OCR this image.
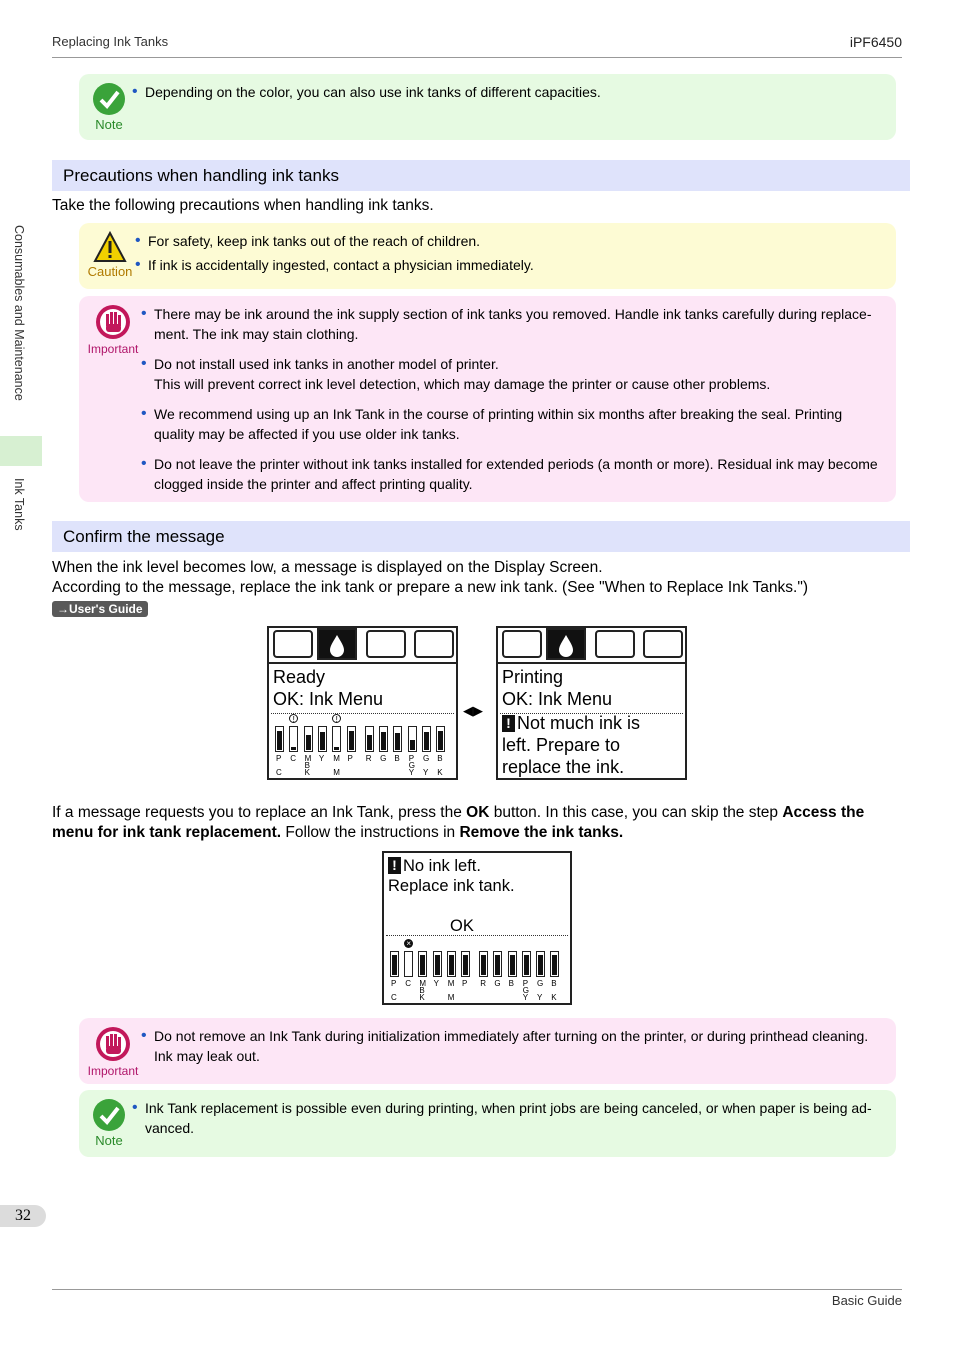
Replacing Ink Tanks	iPF6450
Basic Guide
Consumables and Maintenance
Ink Tanks
32
Note
• Depending on the color, you can also use ink tanks of different capacities.
Precautions when handling ink tanks
Take the following precautions when handling ink tanks.
Caution
• For safety, keep ink tanks out of the reach of children.
• If ink is accidentally ingested, contact a physician immediately.
Important
• There may be ink around the ink supply section of ink tanks you removed. Handle ink tanks carefully during replace-ment. The ink may stain clothing.
• Do not install used ink tanks in another model of printer.
This will prevent correct ink level detection, which may damage the printer or cause other problems.
• We recommend using up an Ink Tank in the course of printing within six months after breaking the seal. Printing quality may be affected if you use older ink tanks.
• Do not leave the printer without ink tanks installed for extended periods (a month or more). Residual ink may become clogged inside the printer and affect printing quality.
Confirm the message
When the ink level becomes low, a message is displayed on the Display Screen.
According to the message, replace the ink tank or prepare a new ink tank. (See "When to Replace Ink Tanks.")
→User's Guide
Ready
OK: Ink Menu
P
C
!
C M
B
K
Y
!
M
M
P R G B P
G
Y
G
Y
B
K
◀▶
Printing
OK: Ink Menu
! Not much ink is
left. Prepare to
replace the ink.
If a message requests you to replace an Ink Tank, press the OK button. In this case, you can skip the step Access the menu for ink tank replacement. Follow the instructions in Remove the ink tanks.
! No ink left.
Replace ink tank.
OK
P
C
×
C M
B
K
Y M
M
P R G B P
G
Y
G
Y
B
K
Important
• Do not remove an Ink Tank during initialization immediately after turning on the printer, or during printhead cleaning. Ink may leak out.
Note
• Ink Tank replacement is possible even during printing, when print jobs are being canceled, or when paper is being ad-vanced.
